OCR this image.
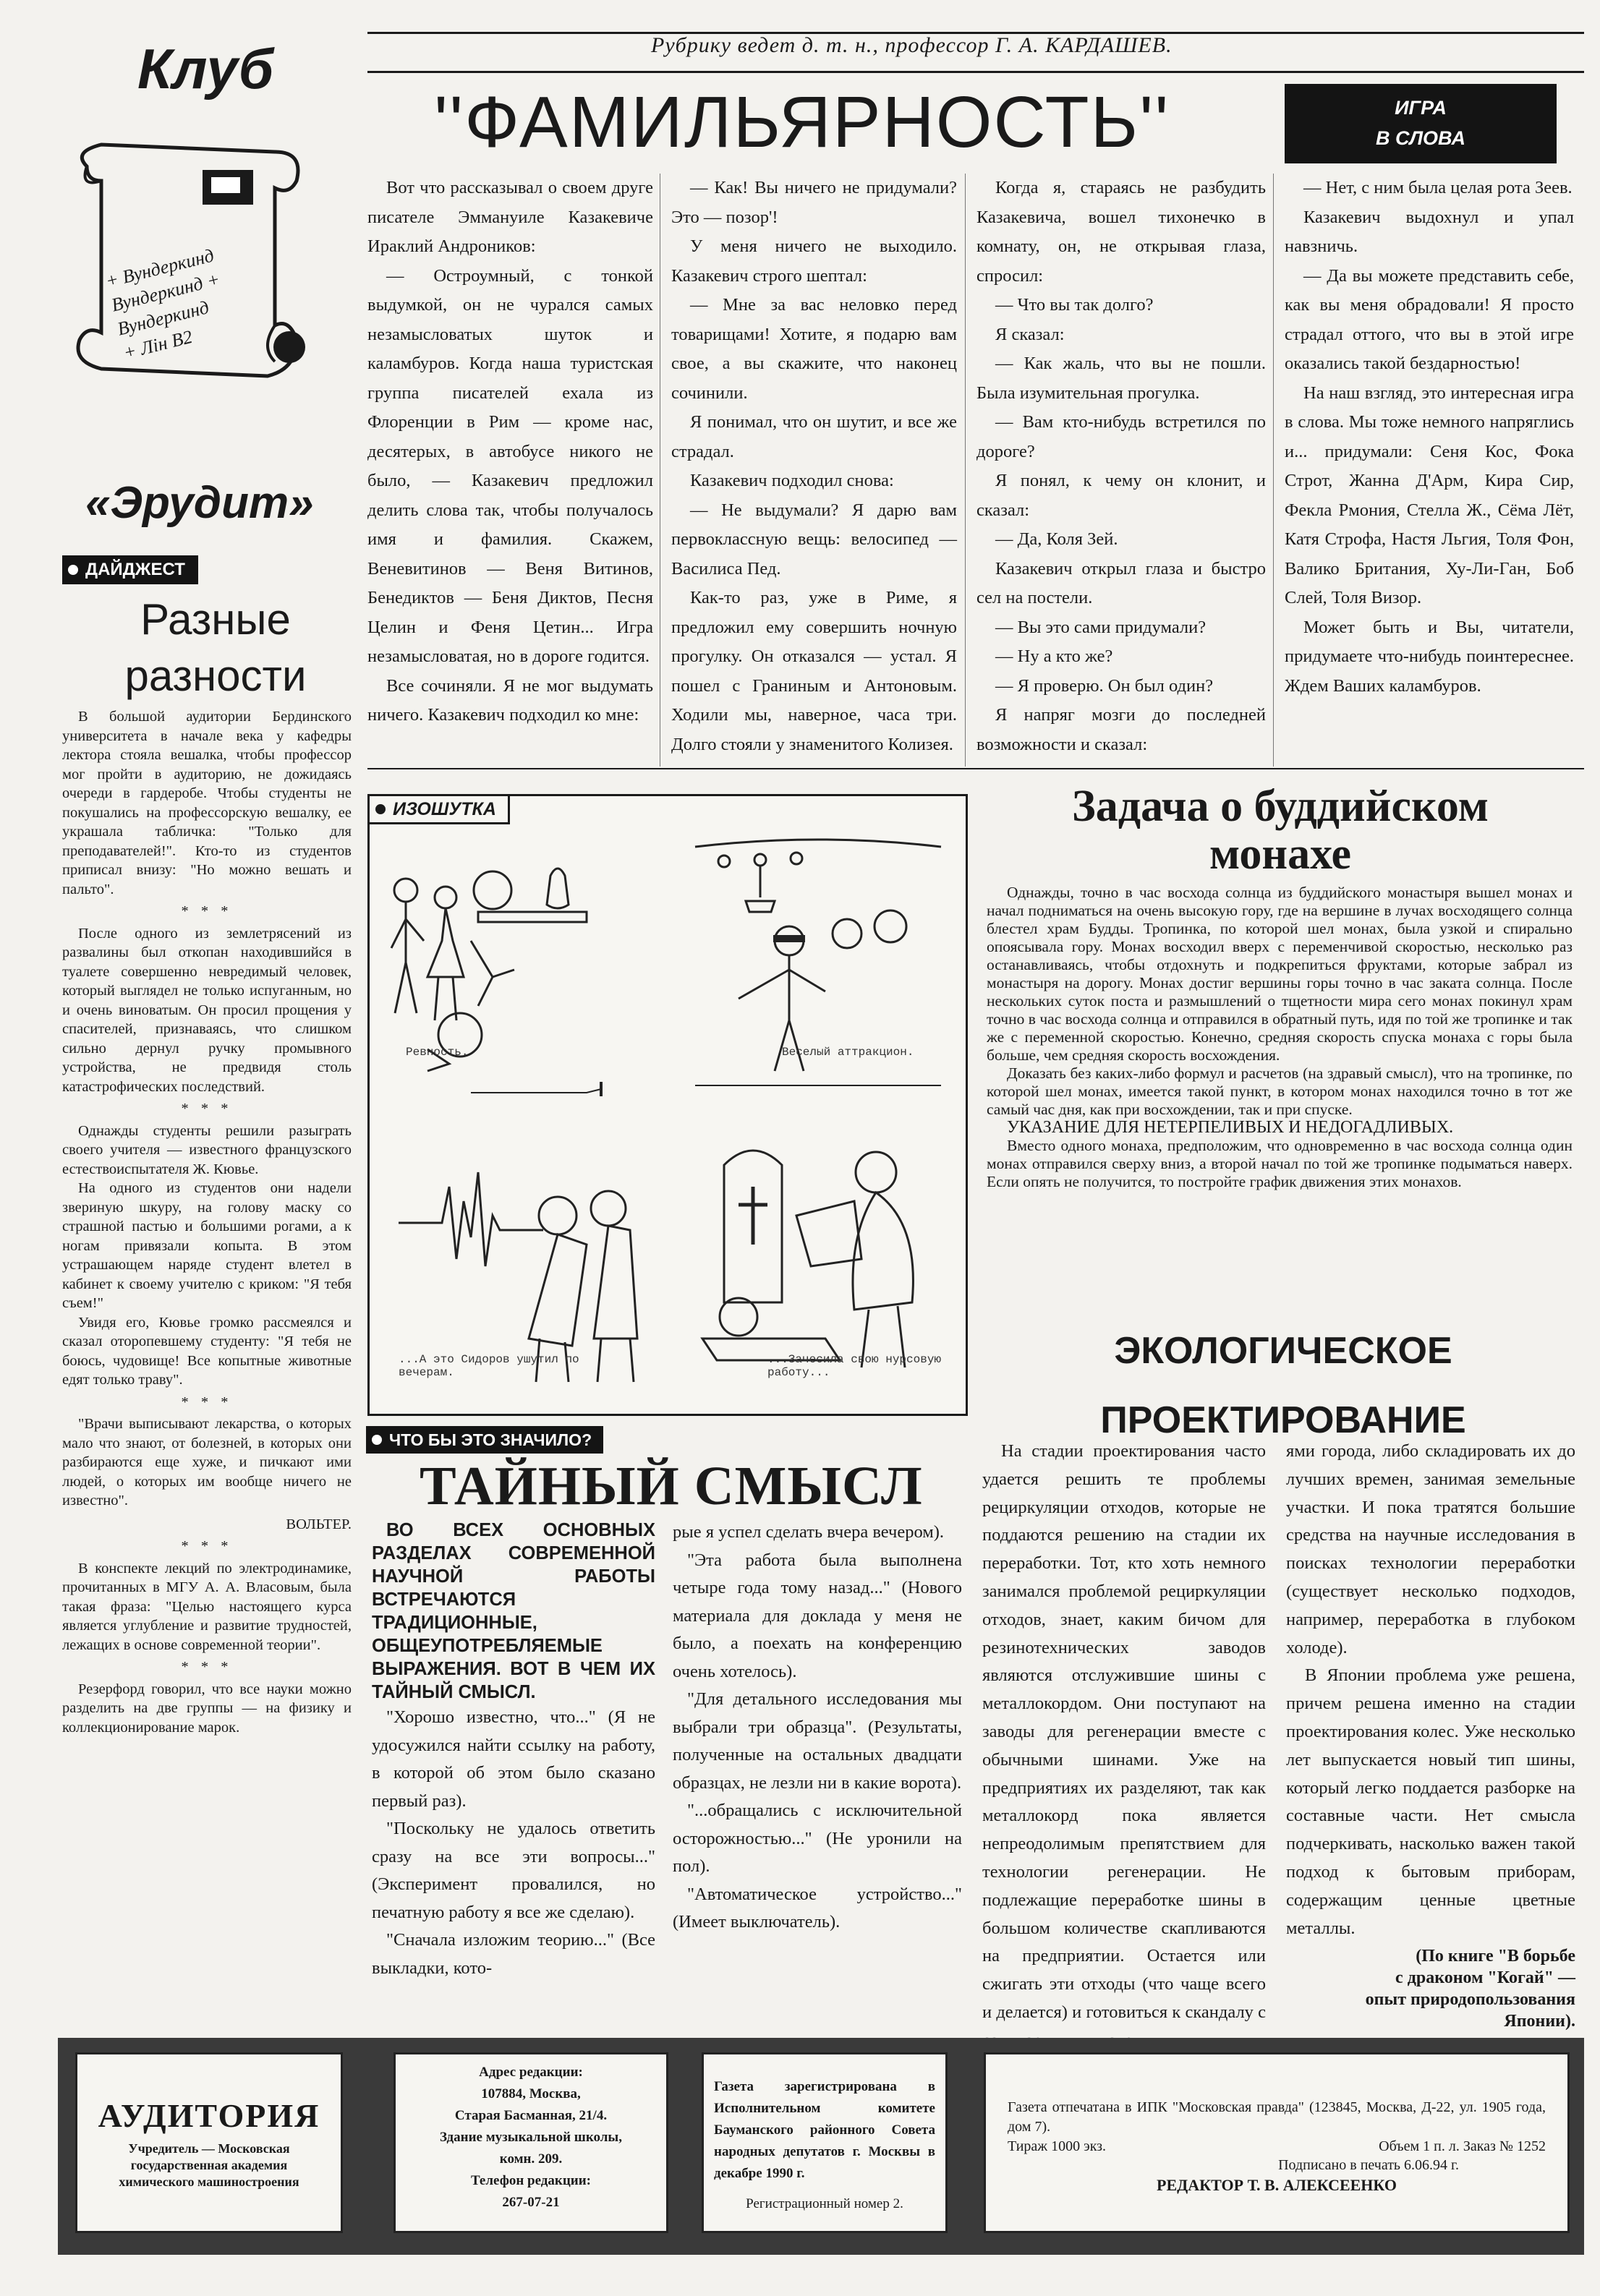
Клуб
+ Вундеркинд
Вундеркинд + Вундеркинд
+ Лін В2
«Эрудит»
ДАЙДЖЕСТ
Разные
разности

В большой аудитории Бердинского университета в начале века у кафедры лектора стояла вешалка, чтобы профессор мог пройти в аудиторию, не дожидаясь очереди в гардеробе. Чтобы студенты не покушались на профессорскую вешалку, ее украшала табличка: "Только для преподавателей!". Кто-то из студентов приписал внизу: "Но можно вешать и пальто".

* * *

После одного из землетрясений из развалины был откопан находившийся в туалете совершенно невредимый человек, который выглядел не только испуганным, но и очень виноватым. Он просил прощения у спасителей, признаваясь, что слишком сильно дернул ручку промывного устройства, не предвидя столь катастрофических последствий.

* * *

Однажды студенты решили разыграть своего учителя — известного французского естествоиспытателя Ж. Кювье.

На одного из студентов они надели звериную шкуру, на голову маску со страшной пастью и большими рогами, а к ногам привязали копыта. В этом устрашающем наряде студент влетел в кабинет к своему учителю с криком: "Я тебя съем!"

Увидя его, Кювье громко рассмеялся и сказал оторопевшему студенту: "Я тебя не боюсь, чудовище! Все копытные животные едят только траву".

* * *

"Врачи выписывают лекарства, о которых мало что знают, от болезней, в которых они разбираются еще хуже, и пичкают ими людей, о которых им вообще ничего не известно".

ВОЛЬТЕР.

* * *

В конспекте лекций по электродинамике, прочитанных в МГУ А. А. Власовым, была такая фраза: "Целью настоящего курса является углубление и развитие трудностей, лежащих в основе современной теории".

* * *

Резерфорд говорил, что все науки можно разделить на две группы — на физику и коллекционирование марок.

Рубрику ведет д. т. н., профессор Г. А. КАРДАШЕВ.
''ФАМИЛЬЯРНОСТЬ''	ИГРА
В СЛОВА

Вот что рассказывал о своем друге писателе Эммануиле Казакевиче Ираклий Андроников:

— Остроумный, с тонкой выдумкой, он не чурался самых незамысловатых шуток и каламбуров. Когда наша туристская группа писателей ехала из Флоренции в Рим — кроме нас, десятерых, в автобусе никого не было, — Казакевич предложил делить слова так, чтобы получалось имя и фамилия. Скажем, Веневитинов — Веня Витинов, Бенедиктов — Беня Диктов, Песня Целин и Феня Цетин... Игра незамысловатая, но в дороге годится.

Все сочиняли. Я не мог выдумать ничего. Казакевич подходил ко мне:

— Как! Вы ничего не придумали? Это — позор'!

У меня ничего не выходило. Казакевич строго шептал:

— Мне за вас неловко перед товарищами! Хотите, я подарю вам свое, а вы скажите, что наконец сочинили.

Я понимал, что он шутит, и все же страдал.

Казакевич подходил снова:

— Не выдумали? Я дарю вам первоклассную вещь: велосипед — Василиса Пед.

Как-то раз, уже в Риме, я предложил ему совершить ночную прогулку. Он отказался — устал. Я пошел с Граниным и Антоновым. Ходили мы, наверное, часа три. Долго стояли у знаменитого Колизея.

Когда я, стараясь не разбудить Казакевича, вошел тихонечко в комнату, он, не открывая глаза, спросил:

— Что вы так долго?

Я сказал:

— Как жаль, что вы не пошли. Была изумительная прогулка.

— Вам кто-нибудь встретился по дороге?

Я понял, к чему он клонит, и сказал:

— Да, Коля Зей.

Казакевич открыл глаза и быстро сел на постели.

— Вы это сами придумали?

— Ну а кто же?

— Я проверю. Он был один?

Я напряг мозги до последней возможности и сказал:

— Нет, с ним была целая рота Зеев.

Казакевич выдохнул и упал навзничь.

— Да вы можете представить себе, как вы меня обрадовали! Я просто страдал оттого, что вы в этой игре оказались такой бездарностью!

На наш взгляд, это интересная игра в слова. Мы тоже немного напряглись и... придумали: Сеня Кос, Фока Строт, Жанна Д'Арм, Кира Сир, Фекла Рмония, Стелла Ж., Сёма Лёт, Катя Строфа, Настя Льгия, Толя Фон, Валико Британия, Ху-Ли-Ган, Боб Слей, Толя Визор.

Может быть и Вы, читатели, придумаете что-нибудь поинтереснее. Ждем Ваших каламбуров.

ИЗОШУТКА
Ревность.	Веселый аттракцион.
...А это Сидоров ушутил по вечерам.
...Зачесила свою нурсовую работу...
Задача о буддийском
монахе

Однажды, точно в час восхода солнца из буддийского монастыря вышел монах и начал подниматься на очень высокую гору, где на вершине в лучах восходящего солнца блестел храм Будды. Тропинка, по которой шел монах, была узкой и спирально опоясывала гору. Монах восходил вверх с переменчивой скоростью, несколько раз останавливаясь, чтобы отдохнуть и подкрепиться фруктами, которые забрал из монастыря на дорогу. Монах достиг вершины горы точно в час заката солнца. После нескольких суток поста и размышлений о тщетности мира сего монах покинул храм точно в час восхода солнца и отправился в обратный путь, идя по той же тропинке и так же с переменной скоростью. Конечно, средняя скорость спуска монаха с горы была больше, чем средняя скорость восхождения.

Доказать без каких-либо формул и расчетов (на здравый смысл), что на тропинке, по которой шел монах, имеется такой пункт, в котором монах находился точно в тот же самый час дня, как при восхождении, так и при спуске.

УКАЗАНИЕ ДЛЯ НЕТЕРПЕЛИВЫХ И НЕДОГАДЛИВЫХ.

Вместо одного монаха, предположим, что одновременно в час восхода солнца один монах отправился сверху вниз, а второй начал по той же тропинке подыматься наверх. Если опять не получится, то постройте график движения этих монахов.

ЧТО БЫ ЭТО ЗНАЧИЛО?
ТАЙНЫЙ СМЫСЛ

ВО ВСЕХ ОСНОВНЫХ РАЗДЕЛАХ СОВРЕМЕННОЙ НАУЧНОЙ РАБОТЫ ВСТРЕЧАЮТСЯ ТРАДИЦИОННЫЕ, ОБЩЕУПОТРЕБЛЯЕМЫЕ ВЫРАЖЕНИЯ. ВОТ В ЧЕМ ИХ ТАЙНЫЙ СМЫСЛ.

"Хорошо известно, что..." (Я не удосужился найти ссылку на работу, в которой об этом было сказано первый раз).

"Поскольку не удалось ответить сразу на все эти вопросы..." (Эксперимент провалился, но печатную работу я все же сделаю).

"Сначала изложим теорию..." (Все выкладки, кото-

рые я успел сделать вчера вечером).

"Эта работа была выполнена четыре года тому назад..." (Нового материала для доклада у меня не было, а поехать на конференцию очень хотелось).

"Для детального исследования мы выбрали три образца". (Результаты, полученные на остальных двадцати образцах, не лезли ни в какие ворота).

"...обращались с исключительной осторожностью..." (Не уронили на пол).

"Автоматическое устройство..." (Имеет выключатель).

ЭКОЛОГИЧЕСКОЕ
ПРОЕКТИРОВАНИЕ

На стадии проектирования часто удается решить те проблемы рециркуляции отходов, которые не поддаются решению на стадии их переработки. Тот, кто хоть немного занимался проблемой рециркуляции отходов, знает, каким бичом для резинотехнических заводов являются отслужившие шины с металлокордом. Они поступают на заводы для регенерации вместе с обычными шинами. Уже на предприятиях их разделяют, так как металлокорд пока является непреодолимым препятствием для технологии регенерации. Не подлежащие переработке шины в большом количестве скапливаются на предприятии. Остается или сжигать эти отходы (что чаще всего и делается) и готовиться к скандалу с

ями города, либо складировать их до лучших времен, занимая земельные участки. И пока тратятся большие средства на научные исследования в поисках технологии переработки (существует несколько подходов, например, переработка в глубоком холоде).

В Японии проблема уже решена, причем решена именно на стадии проектирования колес. Уже несколько лет выпускается новый тип шины, который легко поддается разборке на составные части. Нет смысла подчеркивать, насколько важен такой подход к бытовым приборам, содержащим ценные цветные металлы.

(По книге "В борьбе
с драконом "Когай" —
опыт природопользования
Японии).

АУДИТОРИЯ

Учредитель — Московская
государственная академия
химического машиностроения

Адрес редакции:
107884, Москва,
Старая Басманная, 21/4.
Здание музыкальной школы,
комн. 209.
Телефон редакции:
267-07-21

Газета зарегистрирована в Исполнительном комитете Бауманского районного Совета народных депутатов г. Москвы в декабре 1990 г.

Регистрационный номер 2.

Газета отпечатана в ИПК "Московская правда" (123845, Москва, Д-22, ул. 1905 года, дом 7).

Тираж 1000 экз.	Объем 1 п. л. Заказ № 1252

Подписано в печать 6.06.94 г.

РЕДАКТОР Т. В. АЛЕКСЕЕНКО
